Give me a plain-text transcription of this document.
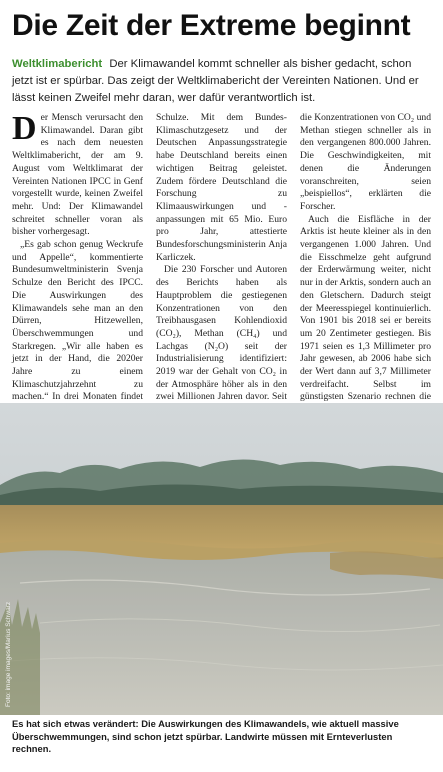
Die Zeit der Extreme beginnt

Weltklimabericht Der Klimawandel kommt schneller als bisher gedacht, schon jetzt ist er spürbar. Das zeigt der Weltklimabericht der Vereinten Nationen. Und er lässt keinen Zweifel mehr daran, wer dafür verantwortlich ist.

Der Mensch verursacht den Klimawandel. Daran gibt es nach dem neuesten Weltklimabericht, der am 9. August vom Weltklimarat der Vereinten Nationen IPCC in Genf vorgestellt wurde, keinen Zweifel mehr. Und: Der Klimawandel schreitet schneller voran als bisher vorhergesagt.

„Es gab schon genug Weckrufe und Appelle“, kommentierte Bundesumweltministerin Svenja Schulze den Bericht des IPCC. Die Auswirkungen des Klimawandels sehe man an den Dürren, Hitzewellen, Überschwemmungen und Starkregen. „Wir alle haben es jetzt in der Hand, die 2020er Jahre zu einem Klimaschutzjahrzehnt zu machen.“ In drei Monaten findet

Schulze. Mit dem Bundes-Klimaschutzgesetz und der Deutschen Anpassungsstrategie habe Deutschland bereits einen wichtigen Beitrag geleistet. Zudem fördere Deutschland die Forschung zu Klimaauswirkungen und -anpassungen mit 65 Mio. Euro pro Jahr, attestierte Bundesforschungsministerin Anja Karliczek.

Die 230 Forscher und Autoren des Berichts haben als Hauptproblem die gestiegenen Konzentrationen von den Treibhausgasen Kohlendioxid (CO₂), Methan (CH₄) und Lachgas (N₂O) seit der Industrialisierung identifiziert: 2019 war der Gehalt von CO₂ in der Atmosphäre höher als in den zwei Millionen Jahren davor. Seit

die Konzentrationen von CO₂ und Methan stiegen schneller als in den vergangenen 800.000 Jahren. Die Geschwindigkeiten, mit denen die Änderungen voranschreiten, seien „beispiellos“, erklärten die Forscher.

Auch die Eisfläche in der Arktis ist heute kleiner als in den vergangenen 1.000 Jahren. Und die Eisschmelze geht aufgrund der Erderwärmung weiter, nicht nur in der Arktis, sondern auch an den Gletschern. Dadurch steigt der Meeresspiegel kontinuierlich. Von 1901 bis 2018 sei er bereits um 20 Zentimeter gestiegen. Bis 1971 seien es 1,3 Millimeter pro Jahr gewesen, ab 2006 habe sich der Wert dann auf 3,7 Millimeter verdreifacht. Selbst im günstigsten Szenario rechnen die

Foto: image images/Marius Schwarz

Es hat sich etwas verändert: Die Auswirkungen des Klimawandels, wie aktuell massive Überschwemmungen, sind schon jetzt spürbar. Landwirte müssen mit Ernteverlusten rechnen.
